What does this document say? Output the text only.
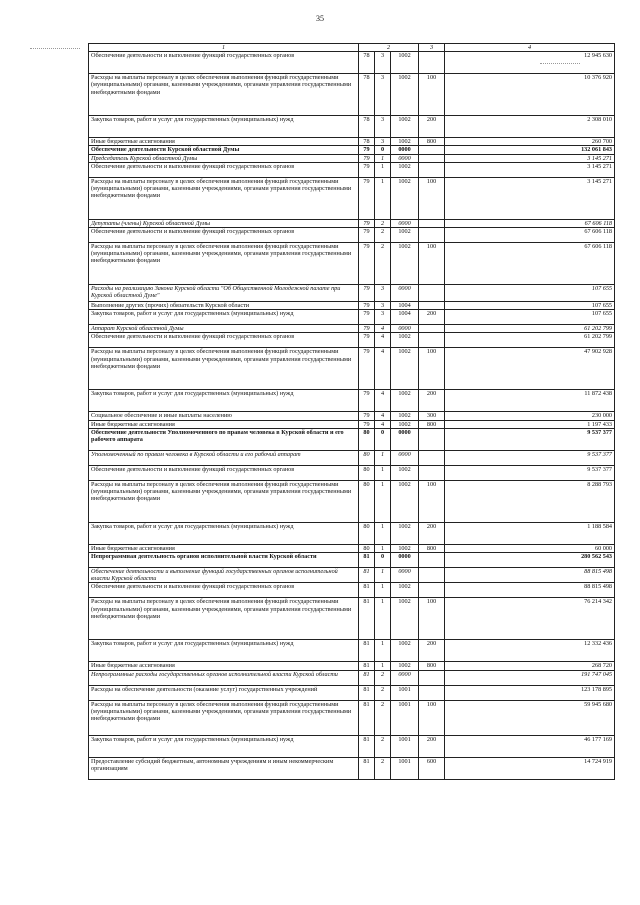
35
1	2			3	4
Обеспечение деятельности и выполнение функций государственных органов	78	3	1002		12 945 630
Расходы на выплаты персоналу в целях обеспечения выполнения функций государственными (муниципальными) органами, казенными учреждениями, органами управления государственными внебюджетными фондами	78	3	1002	100	10 376 920
Закупка товаров, работ и услуг для государственных (муниципальных) нужд	78	3	1002	200	2 308 010
Иные бюджетные ассигнования	78	3	1002	800	260 700
Обеспечение деятельности Курской областной Думы	79	0	0000		132 061 843
Председатель Курской областной Думы	79	1	0000		3 145 271
Обеспечение деятельности и выполнение функций государственных органов	79	1	1002		3 145 271
Расходы на выплаты персоналу в целях обеспечения выполнения функций государственными (муниципальными) органами, казенными учреждениями, органами управления государственными внебюджетными фондами	79	1	1002	100	3 145 271
Депутаты (члены) Курской областной Думы	79	2	0000		67 606 118
Обеспечение деятельности и выполнение функций государственных органов	79	2	1002		67 606 118
Расходы на выплаты персоналу в целях обеспечения выполнения функций государственными (муниципальными) органами, казенными учреждениями, органами управления государственными внебюджетными фондами	79	2	1002	100	67 606 118
Расходы на реализацию Закона Курской области "Об Общественной Молодежной палате при Курской областной Думе"	79	3	0000		107 655
Выполнение других (прочих) обязательств Курской области	79	3	1004		107 655
Закупка товаров, работ и услуг для государственных (муниципальных) нужд	79	3	1004	200	107 655
Аппарат Курской областной Думы	79	4	0000		61 202 799
Обеспечение деятельности и выполнение функций государственных органов	79	4	1002		61 202 799
Расходы на выплаты персоналу в целях обеспечения выполнения функций государственными (муниципальными) органами, казенными учреждениями, органами управления государственными внебюджетными фондами	79	4	1002	100	47 902 928
Закупка товаров, работ и услуг для государственных (муниципальных) нужд	79	4	1002	200	11 872 438
Социальное обеспечение и иные выплаты населению	79	4	1002	300	230 000
Иные бюджетные ассигнования	79	4	1002	800	1 197 433
Обеспечение деятельности Уполномоченного по правам человека в Курской области и его рабочего аппарата	80	0	0000		9 537 377
Уполномоченный по правам человека в Курской области и его рабочий аппарат	80	1	0000		9 537 377
Обеспечение деятельности и выполнение функций государственных органов	80	1	1002		9 537 377
Расходы на выплаты персоналу в целях обеспечения выполнения функций государственными (муниципальными) органами, казенными учреждениями, органами управления государственными внебюджетными фондами	80	1	1002	100	8 288 793
Закупка товаров, работ и услуг для государственных (муниципальных) нужд	80	1	1002	200	1 188 584
Иные бюджетные ассигнования	80	1	1002	800	60 000
Непрограммная деятельность органов исполнительной власти Курской области	81	0	0000		280 562 543
Обеспечение деятельности и выполнение функций государственных органов исполнительной власти Курской области	81	1	0000		88 815 498
Обеспечение деятельности и выполнение функций государственных органов	81	1	1002		88 815 498
Расходы на выплаты персоналу в целях обеспечения выполнения функций государственными (муниципальными) органами, казенными учреждениями, органами управления государственными внебюджетными фондами	81	1	1002	100	76 214 342
Закупка товаров, работ и услуг для государственных (муниципальных) нужд	81	1	1002	200	12 332 436
Иные бюджетные ассигнования	81	1	1002	800	268 720
Непрограммные расходы государственных органов исполнительной власти Курской области	81	2	0000		191 747 045
Расходы на обеспечение деятельности (оказание услуг) государственных учреждений	81	2	1001		123 178 895
Расходы на выплаты персоналу в целях обеспечения выполнения функций государственными (муниципальными) органами, казенными учреждениями, органами управления государственными внебюджетными фондами	81	2	1001	100	59 945 680
Закупка товаров, работ и услуг для государственных (муниципальных) нужд	81	2	1001	200	46 177 169
Предоставление субсидий бюджетным, автономным учреждениям и иным некоммерческим организациям	81	2	1001	600	14 724 919
